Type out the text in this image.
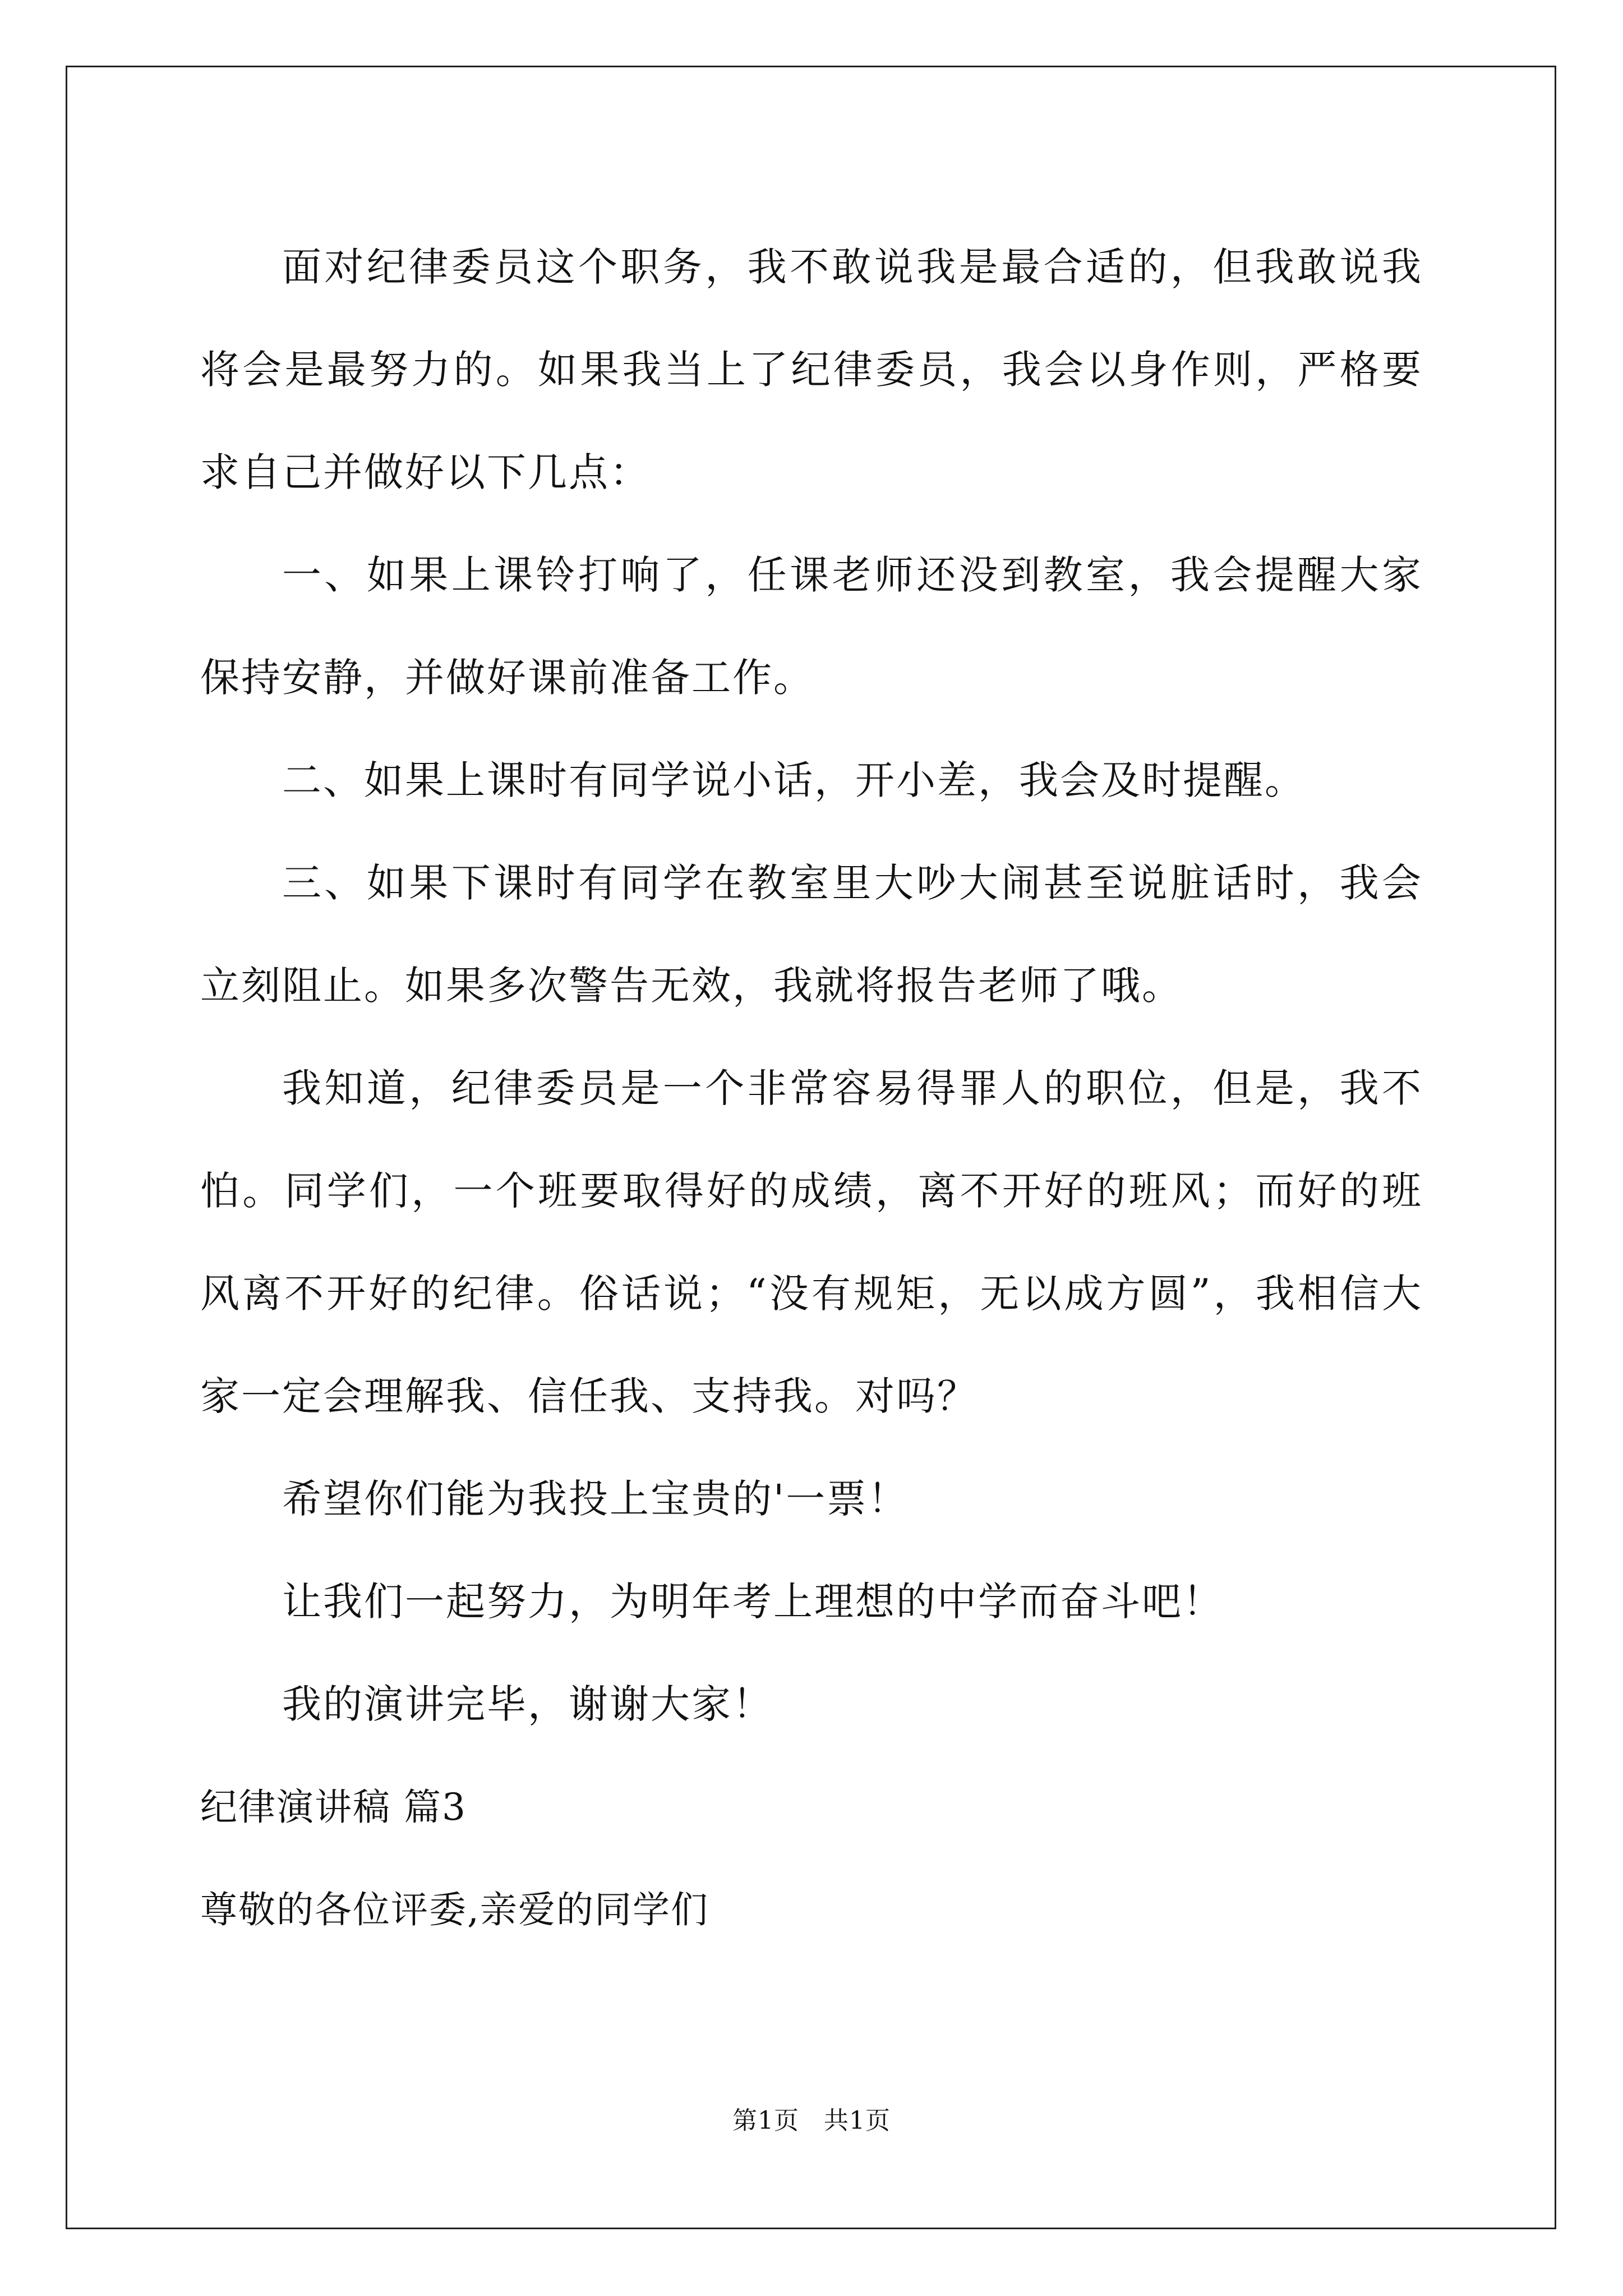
面对纪律委员这个职务，我不敢说我是最合适的，但我敢说我将会是最努力的。如果我当上了纪律委员，我会以身作则，严格要求自己并做好以下几点：

一、如果上课铃打响了，任课老师还没到教室，我会提醒大家保持安静，并做好课前准备工作。

二、如果上课时有同学说小话，开小差，我会及时提醒。

三、如果下课时有同学在教室里大吵大闹甚至说脏话时，我会立刻阻止。如果多次警告无效，我就将报告老师了哦。

我知道，纪律委员是一个非常容易得罪人的职位，但是，我不怕。同学们，一个班要取得好的成绩，离不开好的班风；而好的班风离不开好的纪律。俗话说；“没有规矩，无以成方圆”，我相信大家一定会理解我、信任我、支持我。对吗？

希望你们能为我投上宝贵的'一票！

让我们一起努力，为明年考上理想的中学而奋斗吧！

我的演讲完毕，谢谢大家！

纪律演讲稿 篇3

尊敬的各位评委,亲爱的同学们

第1页 共1页
